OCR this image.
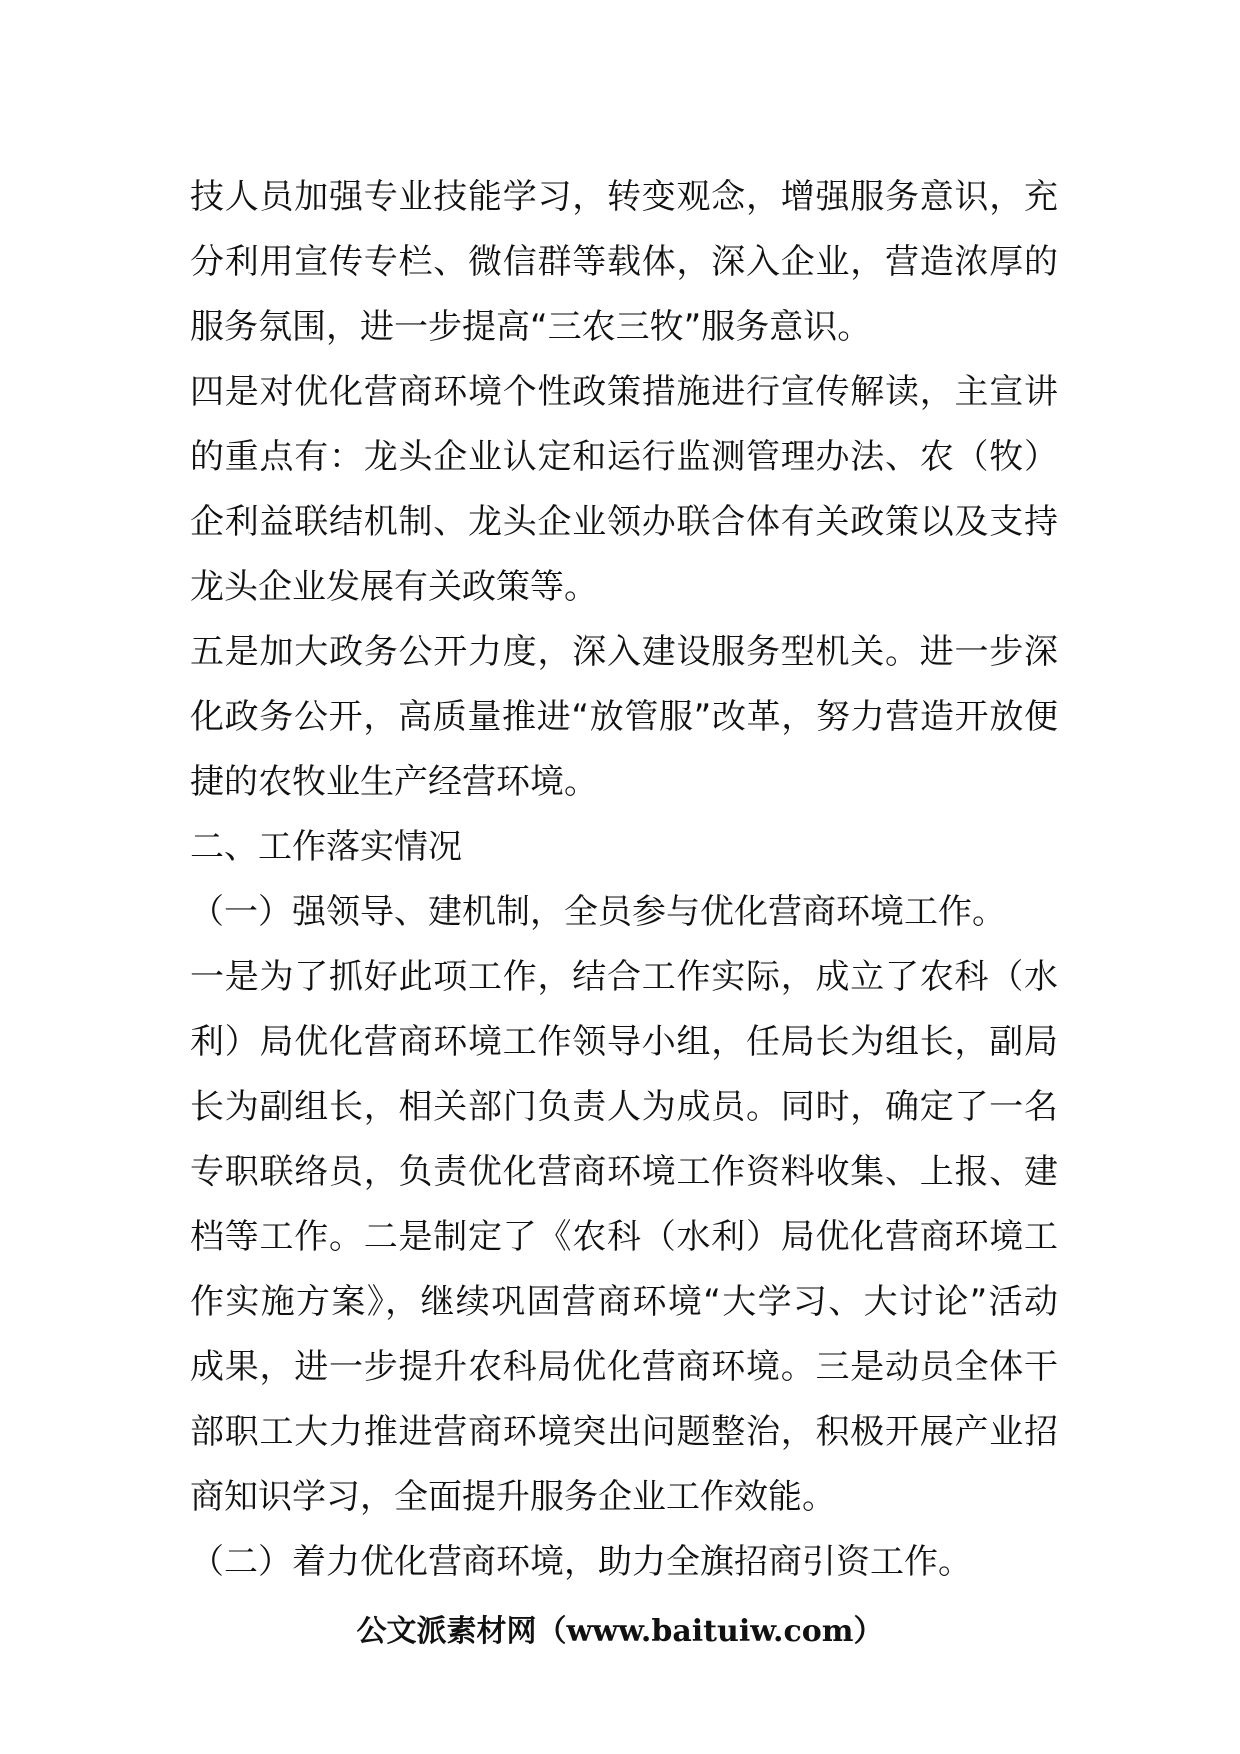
技人员加强专业技能学习，转变观念，增强服务意识，充分利用宣传专栏、微信群等载体，深入企业，营造浓厚的服务氛围，进一步提高“三农三牧”服务意识。

四是对优化营商环境个性政策措施进行宣传解读，主宣讲的重点有：龙头企业认定和运行监测管理办法、农（牧）企利益联结机制、龙头企业领办联合体有关政策以及支持龙头企业发展有关政策等。

五是加大政务公开力度，深入建设服务型机关。进一步深化政务公开，高质量推进“放管服”改革，努力营造开放便捷的农牧业生产经营环境。

二、工作落实情况

（一）强领导、建机制，全员参与优化营商环境工作。

一是为了抓好此项工作，结合工作实际，成立了农科（水利）局优化营商环境工作领导小组，任局长为组长，副局长为副组长，相关部门负责人为成员。同时，确定了一名专职联络员，负责优化营商环境工作资料收集、上报、建档等工作。二是制定了《农科（水利）局优化营商环境工作实施方案》，继续巩固营商环境“大学习、大讨论”活动成果，进一步提升农科局优化营商环境。三是动员全体干部职工大力推进营商环境突出问题整治，积极开展产业招商知识学习，全面提升服务企业工作效能。

（二）着力优化营商环境，助力全旗招商引资工作。

公文派素材网（www.baituiw.com）
